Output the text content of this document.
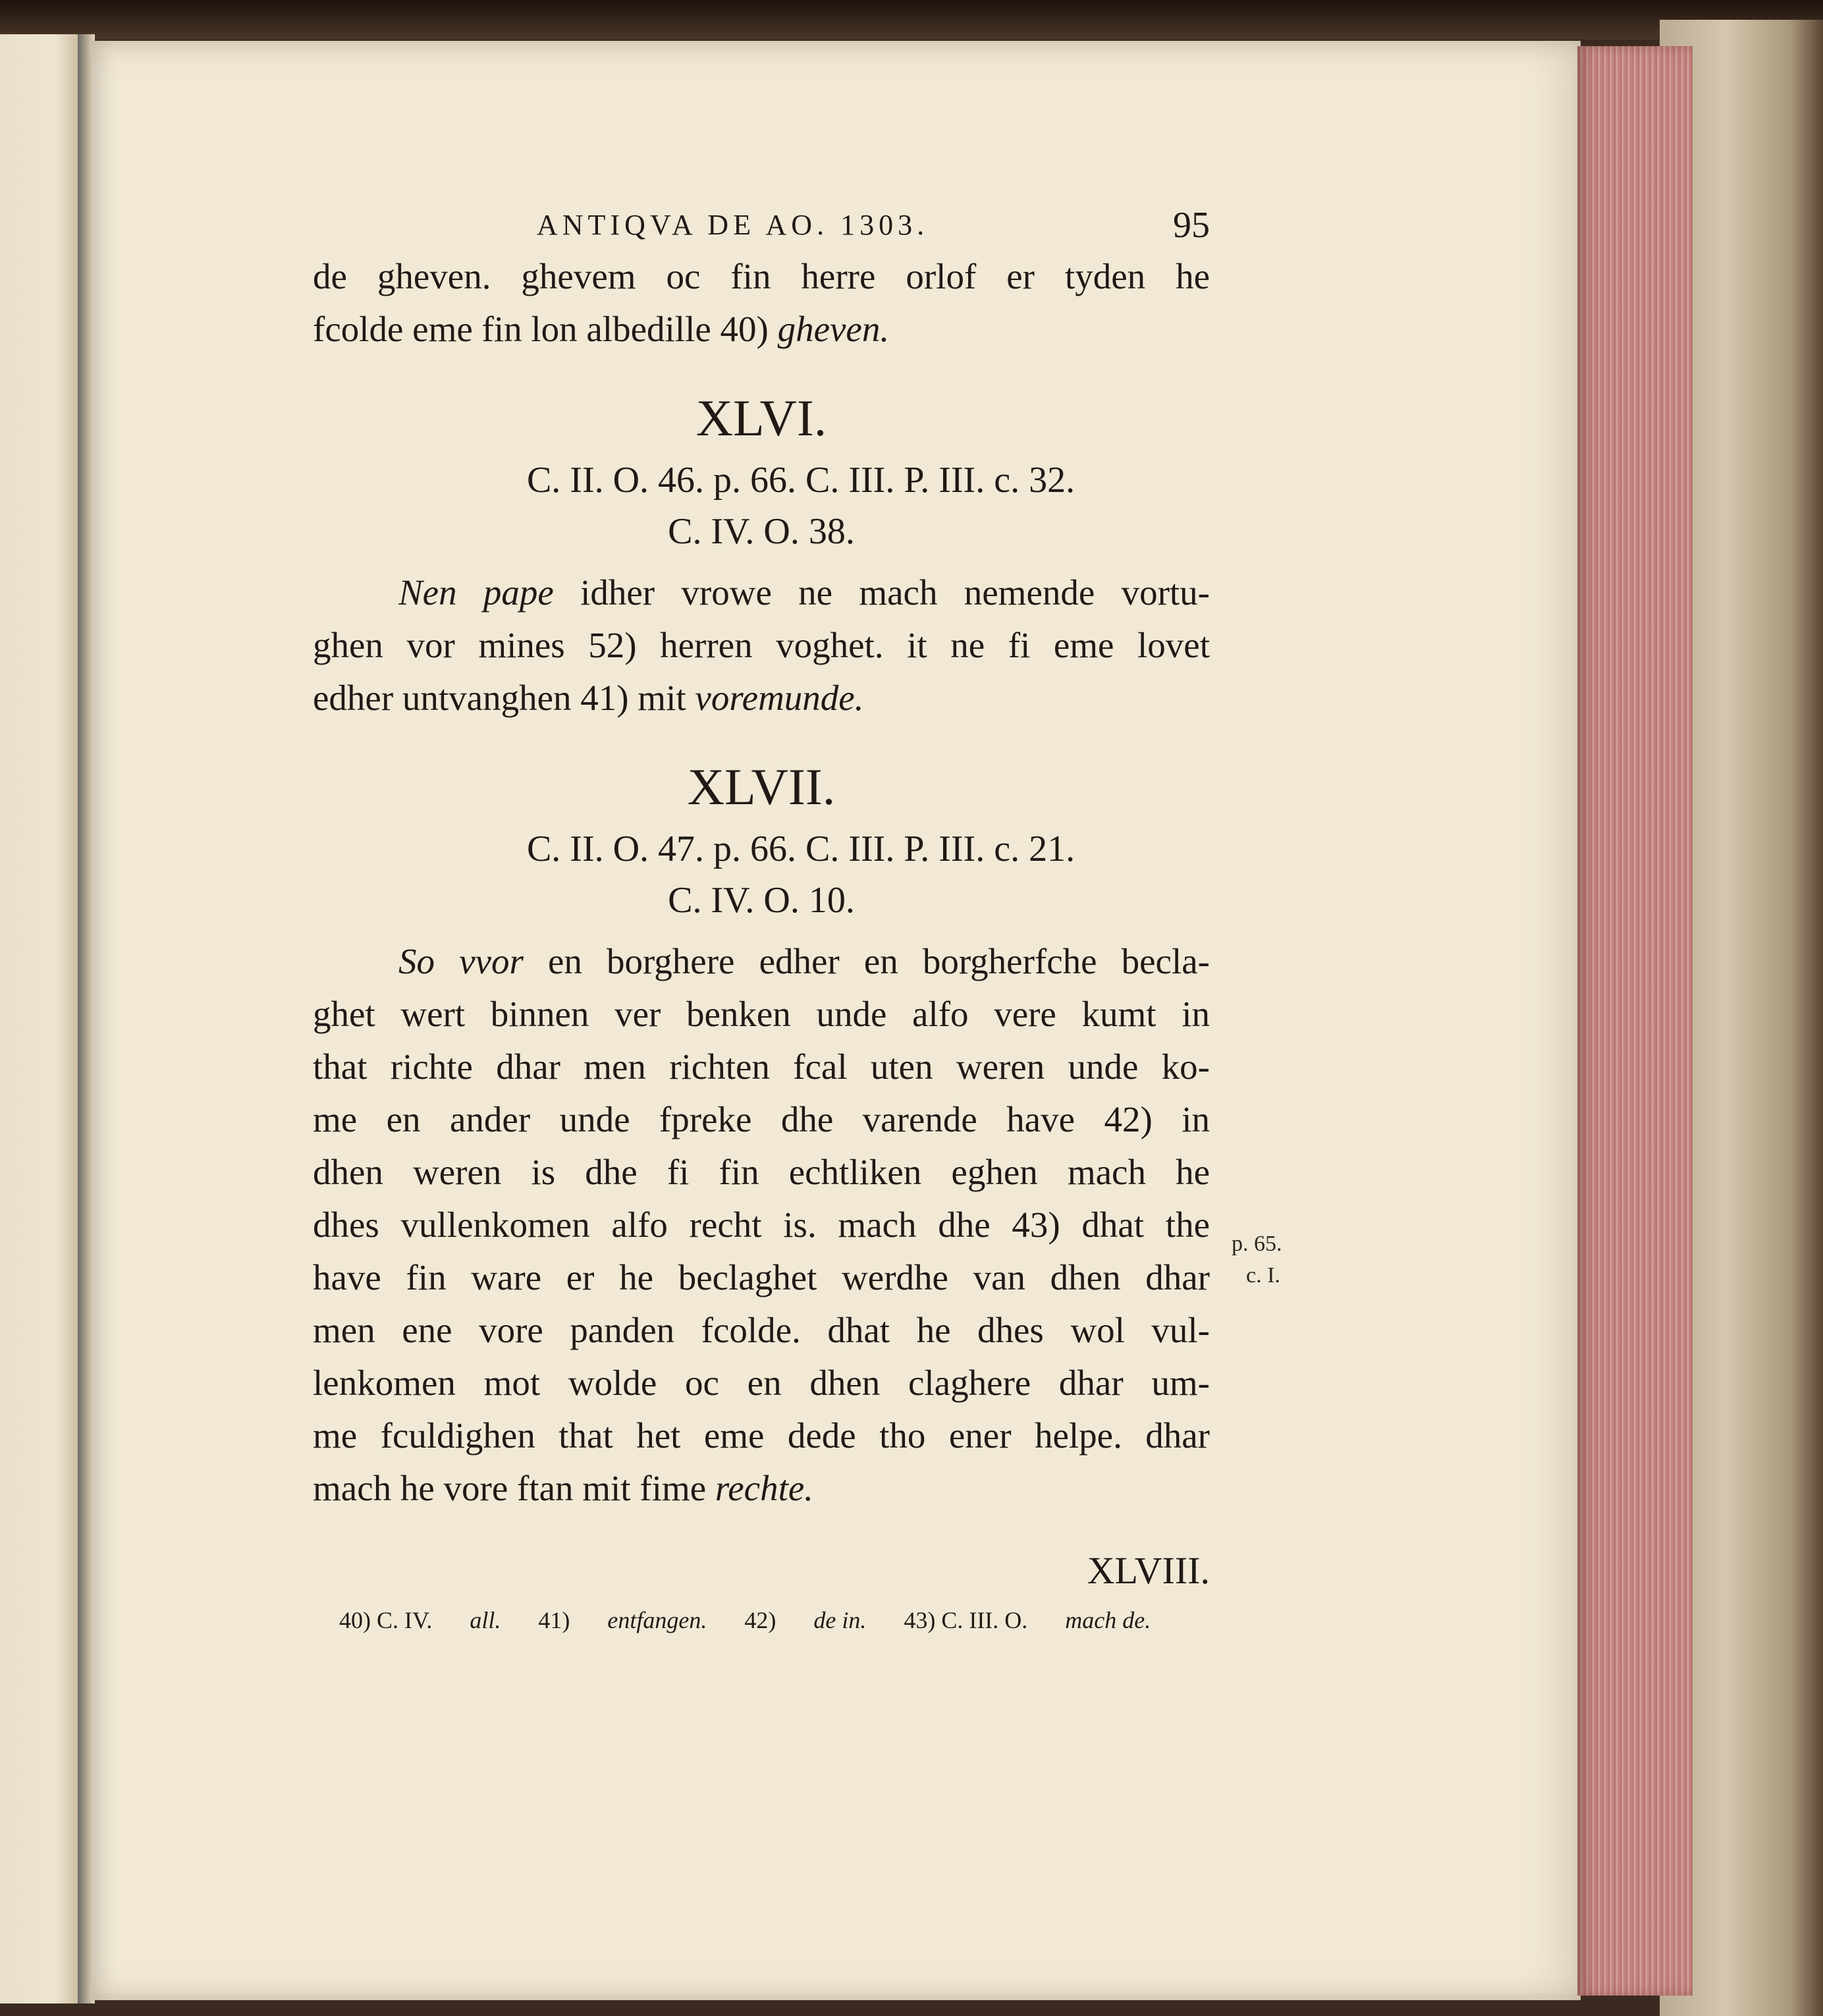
ANTIQVA DE AO. 1303.	95
de gheven. ghevem oc fin herre orlof er tyden he
fcolde eme fin lon albedille 40) gheven.
XLVI.
C. II. O. 46. p. 66. C. III. P. III. c. 32.
C. IV. O. 38.
Nen pape idher vrowe ne mach nemende vortu-
ghen vor mines 52) herren voghet. it ne fi eme lovet
edher untvanghen 41) mit voremunde.
XLVII.
C. II. O. 47. p. 66. C. III. P. III. c. 21.
C. IV. O. 10.
So vvor en borghere edher en borgherfche becla-
ghet wert binnen ver benken unde alfo vere kumt in
that richte dhar men richten fcal uten weren unde ko-
me en ander unde fpreke dhe varende have 42) in
dhen weren is dhe fi fin echtliken eghen mach he
dhes vullenkomen alfo recht is. mach dhe 43) dhat the
have fin ware er he beclaghet werdhe van dhen dhar
men ene vore panden fcolde. dhat he dhes wol vul-
lenkomen mot wolde oc en dhen claghere dhar um-
me fculdighen that het eme dede tho ener helpe. dhar
mach he vore ftan mit fime rechte.
XLVIII.
40) C. IV. all. 41) entfangen. 42) de in. 43) C. III. O. mach de.
p. 65.
c. I.
